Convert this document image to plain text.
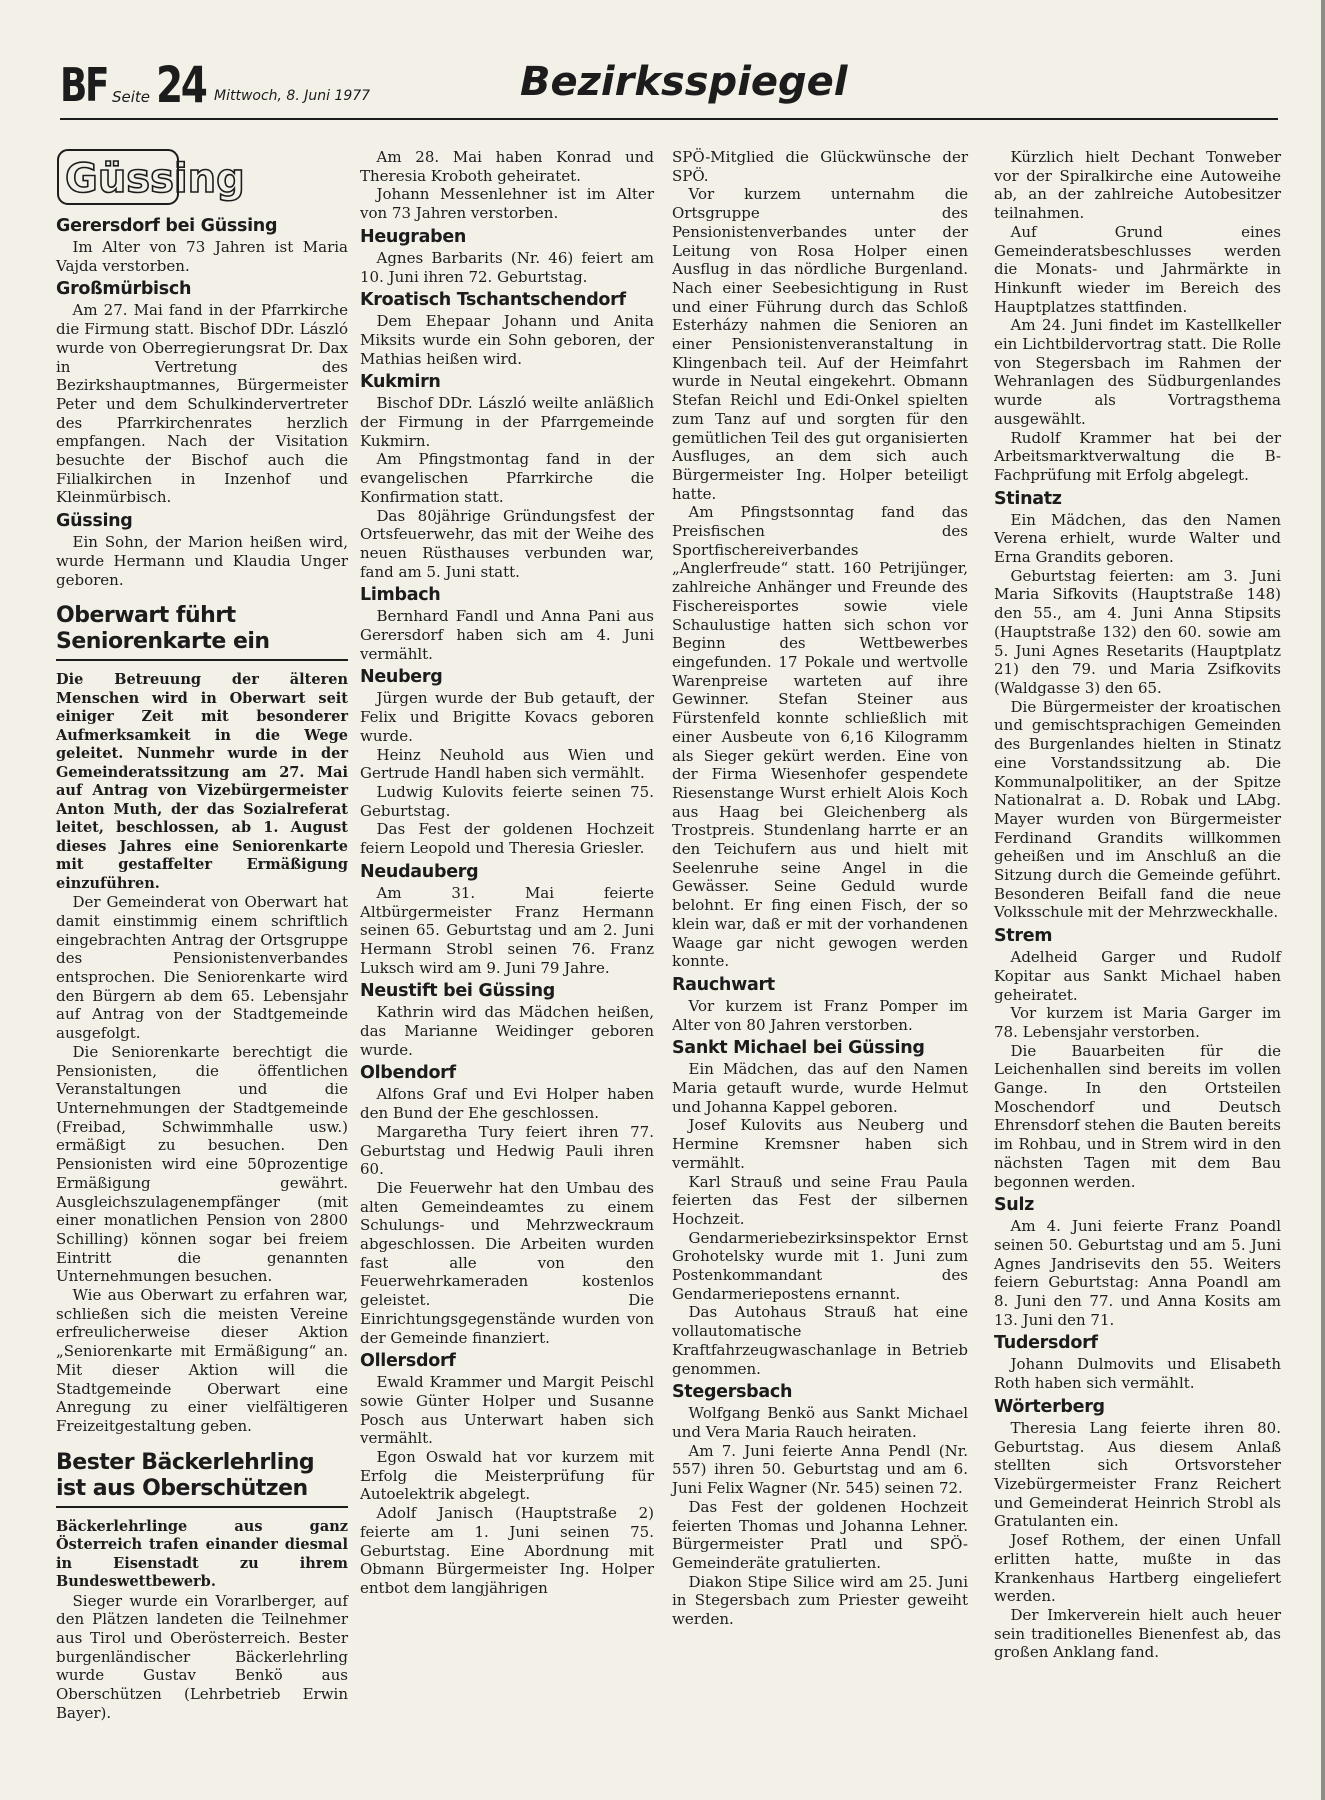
BF Seite 24 Mittwoch, 8. Juni 1977	Bezirksspiegel
Güssing
Gerersdorf bei Güssing

Im Alter von 73 Jahren ist Maria Vajda verstorben.

Großmürbisch

Am 27. Mai fand in der Pfarrkirche die Firmung statt. Bischof DDr. László wurde von Oberregierungsrat Dr. Dax in Vertretung des Bezirkshauptmannes, Bürgermeister Peter und dem Schulkindervertreter des Pfarrkirchenrates herzlich empfangen. Nach der Visitation besuchte der Bischof auch die Filialkirchen in Inzenhof und Kleinmürbisch.

Güssing

Ein Sohn, der Marion heißen wird, wurde Hermann und Klaudia Unger geboren.

Oberwart führt Seniorenkarte ein

Die Betreuung der älteren Menschen wird in Oberwart seit einiger Zeit mit besonderer Aufmerksamkeit in die Wege geleitet. Nunmehr wurde in der Gemeinderatssitzung am 27. Mai auf Antrag von Vizebürgermeister Anton Muth, der das Sozialreferat leitet, beschlossen, ab 1. August dieses Jahres eine Seniorenkarte mit gestaffelter Ermäßigung einzuführen.

Der Gemeinderat von Oberwart hat damit einstimmig einem schriftlich eingebrachten Antrag der Ortsgruppe des Pensionistenverbandes entsprochen. Die Seniorenkarte wird den Bürgern ab dem 65. Lebensjahr auf Antrag von der Stadtgemeinde ausgefolgt.

Die Seniorenkarte berechtigt die Pensionisten, die öffentlichen Veranstaltungen und die Unternehmungen der Stadtgemeinde (Freibad, Schwimmhalle usw.) ermäßigt zu besuchen. Den Pensionisten wird eine 50prozentige Ermäßigung gewährt. Ausgleichszulagenempfänger (mit einer monatlichen Pension von 2800 Schilling) können sogar bei freiem Eintritt die genannten Unternehmungen besuchen.

Wie aus Oberwart zu erfahren war, schließen sich die meisten Vereine erfreulicherweise dieser Aktion „Seniorenkarte mit Ermäßigung“ an. Mit dieser Aktion will die Stadtgemeinde Oberwart eine Anregung zu einer vielfältigeren Freizeitgestaltung geben.

Bester Bäckerlehrling ist aus Oberschützen

Bäckerlehrlinge aus ganz Österreich trafen einander diesmal in Eisenstadt zu ihrem Bundeswettbewerb.

Sieger wurde ein Vorarlberger, auf den Plätzen landeten die Teilnehmer aus Tirol und Oberösterreich. Bester burgenländischer Bäckerlehrling wurde Gustav Benkö aus Oberschützen (Lehrbetrieb Erwin Bayer).

Am 28. Mai haben Konrad und Theresia Kroboth geheiratet.

Johann Messenlehner ist im Alter von 73 Jahren verstorben.

Heugraben

Agnes Barbarits (Nr. 46) feiert am 10. Juni ihren 72. Geburtstag.

Kroatisch Tschantschendorf

Dem Ehepaar Johann und Anita Miksits wurde ein Sohn geboren, der Mathias heißen wird.

Kukmirn

Bischof DDr. László weilte anläßlich der Firmung in der Pfarrgemeinde Kukmirn.

Am Pfingstmontag fand in der evangelischen Pfarrkirche die Konfirmation statt.

Das 80jährige Gründungsfest der Ortsfeuerwehr, das mit der Weihe des neuen Rüsthauses verbunden war, fand am 5. Juni statt.

Limbach

Bernhard Fandl und Anna Pani aus Gerersdorf haben sich am 4. Juni vermählt.

Neuberg

Jürgen wurde der Bub getauft, der Felix und Brigitte Kovacs geboren wurde.

Heinz Neuhold aus Wien und Gertrude Handl haben sich vermählt.

Ludwig Kulovits feierte seinen 75. Geburtstag.

Das Fest der goldenen Hochzeit feiern Leopold und Theresia Griesler.

Neudauberg

Am 31. Mai feierte Altbürgermeister Franz Hermann seinen 65. Geburtstag und am 2. Juni Hermann Strobl seinen 76. Franz Luksch wird am 9. Juni 79 Jahre.

Neustift bei Güssing

Kathrin wird das Mädchen heißen, das Marianne Weidinger geboren wurde.

Olbendorf

Alfons Graf und Evi Holper haben den Bund der Ehe geschlossen.

Margaretha Tury feiert ihren 77. Geburtstag und Hedwig Pauli ihren 60.

Die Feuerwehr hat den Umbau des alten Gemeindeamtes zu einem Schulungs- und Mehrzweckraum abgeschlossen. Die Arbeiten wurden fast alle von den Feuerwehrkameraden kostenlos geleistet. Die Einrichtungsgegenstände wurden von der Gemeinde finanziert.

Ollersdorf

Ewald Krammer und Margit Peischl sowie Günter Holper und Susanne Posch aus Unterwart haben sich vermählt.

Egon Oswald hat vor kurzem mit Erfolg die Meisterprüfung für Autoelektrik abgelegt.

Adolf Janisch (Hauptstraße 2) feierte am 1. Juni seinen 75. Geburtstag. Eine Abordnung mit Obmann Bürgermeister Ing. Holper entbot dem langjährigen

SPÖ-Mitglied die Glückwünsche der SPÖ.

Vor kurzem unternahm die Ortsgruppe des Pensionistenverbandes unter der Leitung von Rosa Holper einen Ausflug in das nördliche Burgenland. Nach einer Seebesichtigung in Rust und einer Führung durch das Schloß Esterházy nahmen die Senioren an einer Pensionistenveranstaltung in Klingenbach teil. Auf der Heimfahrt wurde in Neutal eingekehrt. Obmann Stefan Reichl und Edi-Onkel spielten zum Tanz auf und sorgten für den gemütlichen Teil des gut organisierten Ausfluges, an dem sich auch Bürgermeister Ing. Holper beteiligt hatte.

Am Pfingstsonntag fand das Preisfischen des Sportfischereiverbandes „Anglerfreude“ statt. 160 Petrijünger, zahlreiche Anhänger und Freunde des Fischereisportes sowie viele Schaulustige hatten sich schon vor Beginn des Wettbewerbes eingefunden. 17 Pokale und wertvolle Warenpreise warteten auf ihre Gewinner. Stefan Steiner aus Fürstenfeld konnte schließlich mit einer Ausbeute von 6,16 Kilogramm als Sieger gekürt werden. Eine von der Firma Wiesenhofer gespendete Riesenstange Wurst erhielt Alois Koch aus Haag bei Gleichenberg als Trostpreis. Stundenlang harrte er an den Teichufern aus und hielt mit Seelenruhe seine Angel in die Gewässer. Seine Geduld wurde belohnt. Er fing einen Fisch, der so klein war, daß er mit der vorhandenen Waage gar nicht gewogen werden konnte.

Rauchwart

Vor kurzem ist Franz Pomper im Alter von 80 Jahren verstorben.

Sankt Michael bei Güssing

Ein Mädchen, das auf den Namen Maria getauft wurde, wurde Helmut und Johanna Kappel geboren.

Josef Kulovits aus Neuberg und Hermine Kremsner haben sich vermählt.

Karl Strauß und seine Frau Paula feierten das Fest der silbernen Hochzeit.

Gendarmeriebezirksinspektor Ernst Grohotelsky wurde mit 1. Juni zum Postenkommandant des Gendarmeriepostens ernannt.

Das Autohaus Strauß hat eine vollautomatische Kraftfahrzeugwaschanlage in Betrieb genommen.

Stegersbach

Wolfgang Benkö aus Sankt Michael und Vera Maria Rauch heiraten.

Am 7. Juni feierte Anna Pendl (Nr. 557) ihren 50. Geburtstag und am 6. Juni Felix Wagner (Nr. 545) seinen 72.

Das Fest der goldenen Hochzeit feierten Thomas und Johanna Lehner. Bürgermeister Pratl und SPÖ-Gemeinderäte gratulierten.

Diakon Stipe Silice wird am 25. Juni in Stegersbach zum Priester geweiht werden.

Kürzlich hielt Dechant Tonweber vor der Spiralkirche eine Autoweihe ab, an der zahlreiche Autobesitzer teilnahmen.

Auf Grund eines Gemeinderatsbeschlusses werden die Monats- und Jahrmärkte in Hinkunft wieder im Bereich des Hauptplatzes stattfinden.

Am 24. Juni findet im Kastellkeller ein Lichtbildervortrag statt. Die Rolle von Stegersbach im Rahmen der Wehranlagen des Südburgenlandes wurde als Vortragsthema ausgewählt.

Rudolf Krammer hat bei der Arbeitsmarktverwaltung die B-Fachprüfung mit Erfolg abgelegt.

Stinatz

Ein Mädchen, das den Namen Verena erhielt, wurde Walter und Erna Grandits geboren.

Geburtstag feierten: am 3. Juni Maria Sifkovits (Hauptstraße 148) den 55., am 4. Juni Anna Stipsits (Hauptstraße 132) den 60. sowie am 5. Juni Agnes Resetarits (Hauptplatz 21) den 79. und Maria Zsifkovits (Waldgasse 3) den 65.

Die Bürgermeister der kroatischen und gemischtsprachigen Gemeinden des Burgenlandes hielten in Stinatz eine Vorstandssitzung ab. Die Kommunalpolitiker, an der Spitze Nationalrat a. D. Robak und LAbg. Mayer wurden von Bürgermeister Ferdinand Grandits willkommen geheißen und im Anschluß an die Sitzung durch die Gemeinde geführt. Besonderen Beifall fand die neue Volksschule mit der Mehrzweckhalle.

Strem

Adelheid Garger und Rudolf Kopitar aus Sankt Michael haben geheiratet.

Vor kurzem ist Maria Garger im 78. Lebensjahr verstorben.

Die Bauarbeiten für die Leichenhallen sind bereits im vollen Gange. In den Ortsteilen Moschendorf und Deutsch Ehrensdorf stehen die Bauten bereits im Rohbau, und in Strem wird in den nächsten Tagen mit dem Bau begonnen werden.

Sulz

Am 4. Juni feierte Franz Poandl seinen 50. Geburtstag und am 5. Juni Agnes Jandrisevits den 55. Weiters feiern Geburtstag: Anna Poandl am 8. Juni den 77. und Anna Kosits am 13. Juni den 71.

Tudersdorf

Johann Dulmovits und Elisabeth Roth haben sich vermählt.

Wörterberg

Theresia Lang feierte ihren 80. Geburtstag. Aus diesem Anlaß stellten sich Ortsvorsteher Vizebürgermeister Franz Reichert und Gemeinderat Heinrich Strobl als Gratulanten ein.

Josef Rothem, der einen Unfall erlitten hatte, mußte in das Krankenhaus Hartberg eingeliefert werden.

Der Imkerverein hielt auch heuer sein traditionelles Bienenfest ab, das großen Anklang fand.
